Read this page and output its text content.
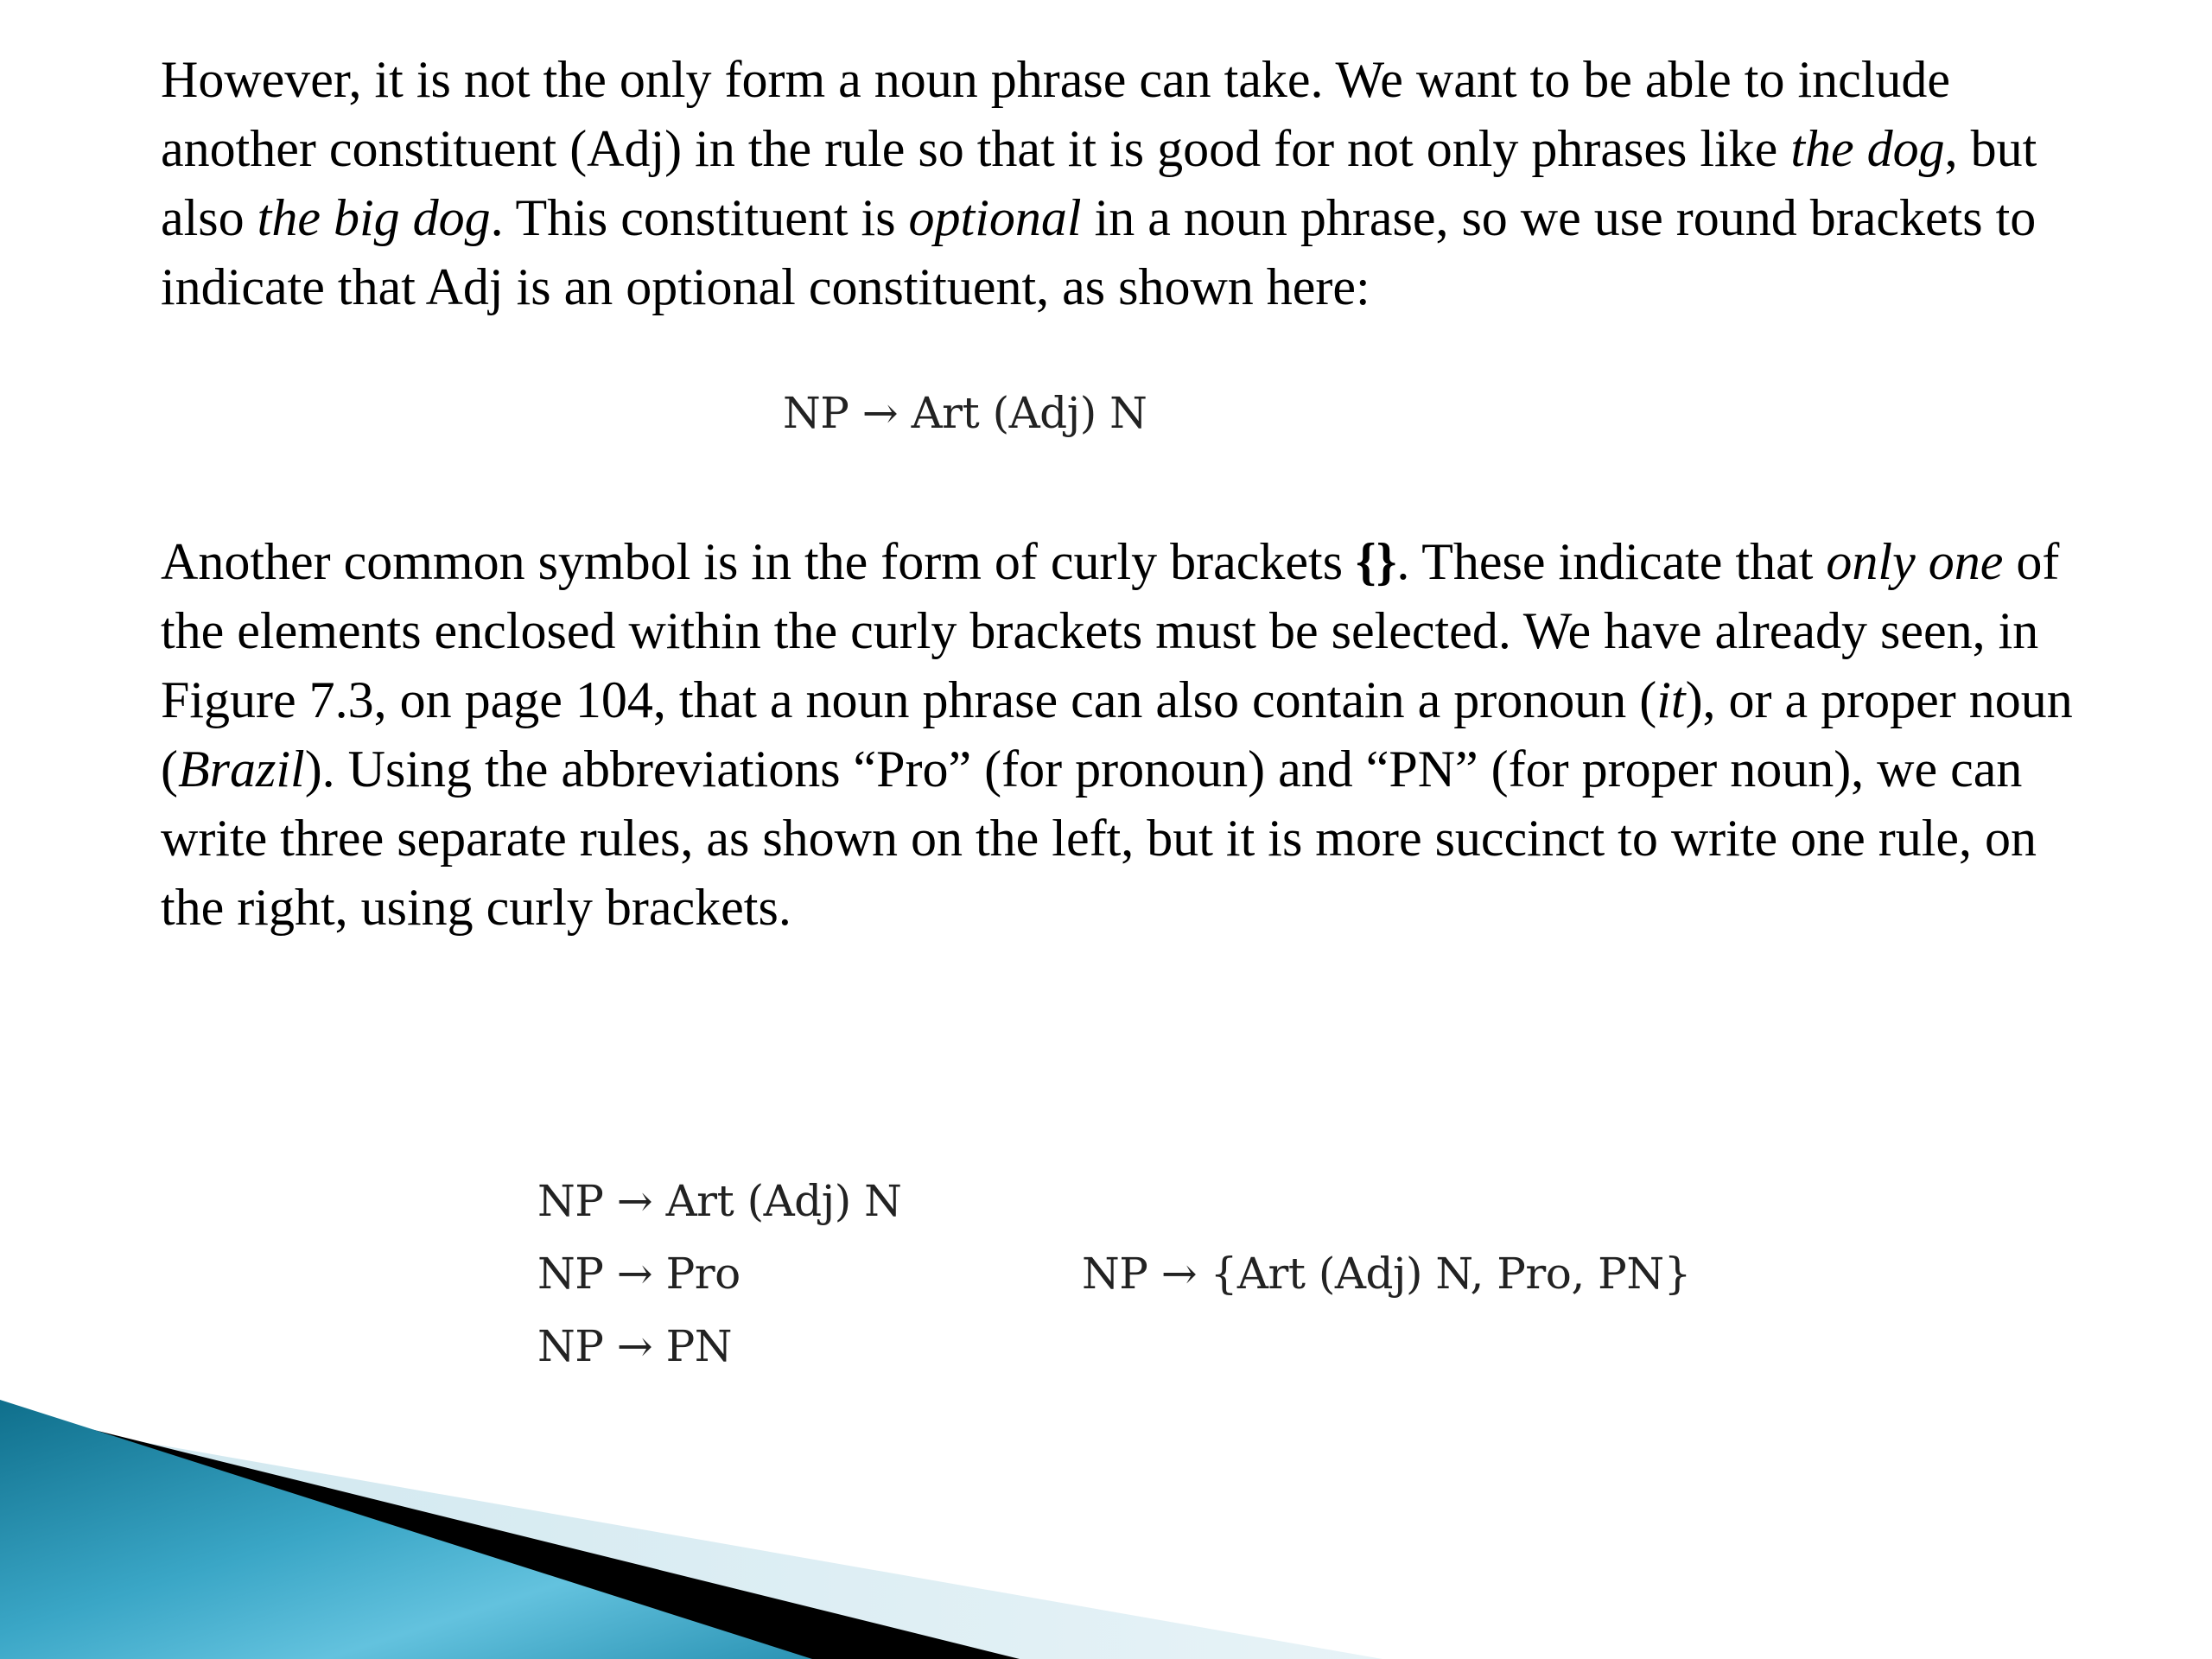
However, it is not the only form a noun phrase can take. We want to be able to include another constituent (Adj) in the rule so that it is good for not only phrases like the dog, but also the big dog. This constituent is optional in a noun phrase, so we use round brackets to indicate that Adj is an optional constituent, as shown here:

NP → Art (Adj) N

Another common symbol is in the form of curly brackets {}. These indicate that only one of the elements enclosed within the curly brackets must be selected. We have already seen, in Figure 7.3, on page 104, that a noun phrase can also contain a pronoun (it), or a proper noun (Brazil). Using the abbreviations “Pro” (for pronoun) and “PN” (for proper noun), we can write three separate rules, as shown on the left, but it is more succinct to write one rule, on the right, using curly brackets.

NP → Art (Adj) N
NP → Pro
NP → PN
NP → {Art (Adj) N, Pro, PN}
